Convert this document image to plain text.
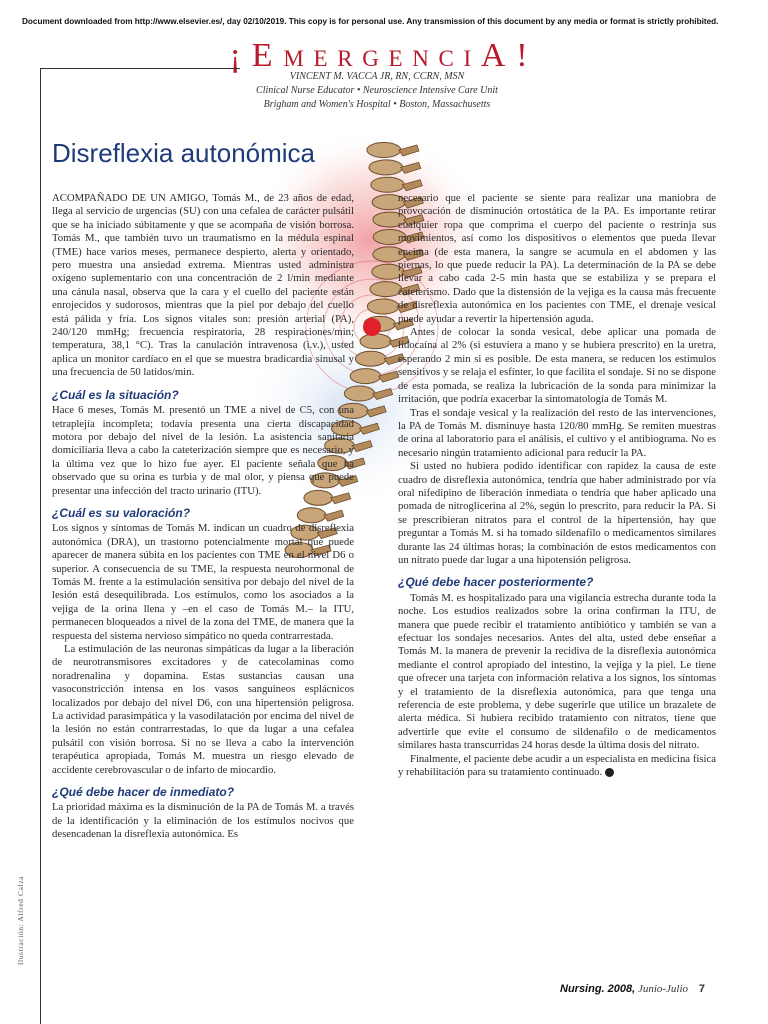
Document downloaded from http://www.elsevier.es/, day 02/10/2019. This copy is for personal use. Any transmission of this document by any media or format is strictly prohibited.
¡EMERGENCIA!
VINCENT M. VACCA JR, RN, CCRN, MSN
Clinical Nurse Educator • Neuroscience Intensive Care Unit
Brigham and Women's Hospital • Boston, Massachusetts
Disreflexia autonómica

ACOMPAÑADO DE UN AMIGO, Tomás M., de 23 años de edad, llega al servicio de urgencias (SU) con una cefalea de carácter pulsátil que se ha iniciado súbitamente y que se acompaña de visión borrosa. Tomás M., que también tuvo un traumatismo en la médula espinal (TME) hace varios meses, permanece despierto, alerta y orientado, pero muestra una ansiedad extrema. Mientras usted administra oxígeno suplementario con una concentración de 2 l/min mediante una cánula nasal, observa que la cara y el cuello del paciente están enrojecidos y sudorosos, mientras que la piel por debajo del cuello está pálida y fría. Los signos vitales son: presión arterial (PA), 240/120 mmHg; frecuencia respiratoria, 28 respiraciones/min; temperatura, 38,1 °C). Tras la canulación intravenosa (i.v.), usted aplica un monitor cardíaco en el que se muestra bradicardia sinusal y una frecuencia de 50 latidos/min.

¿Cuál es la situación?

Hace 6 meses, Tomás M. presentó un TME a nivel de C5, con una tetraplejía incompleta; todavía presenta una cierta discapacidad motora por debajo del nivel de la lesión. La asistencia sanitaria domiciliaria lleva a cabo la cateterización siempre que es necesario, y la última vez que lo hizo fue ayer. El paciente señala que ha observado que su orina es turbia y de mal olor, y piensa que puede presentar una infección del tracto urinario (ITU).

¿Cuál es su valoración?

Los signos y síntomas de Tomás M. indican un cuadro de disreflexia autonómica (DRA), un trastorno potencialmente mortal que puede aparecer de manera súbita en los pacientes con TME en el nivel D6 o superior. A consecuencia de su TME, la respuesta neurohormonal de Tomás M. frente a la estimulación sensitiva por debajo del nivel de la lesión está desequilibrada. Los estímulos, como los asociados a la vejiga de la orina llena y –en el caso de Tomás M.– la ITU, permanecen bloqueados a nivel de la zona del TME, de manera que la respuesta del sistema nervioso simpático no queda contrarrestada.

La estimulación de las neuronas simpáticas da lugar a la liberación de neurotransmisores excitadores y de catecolaminas como noradrenalina y dopamina. Estas sustancias causan una vasoconstricción intensa en los vasos sanguíneos esplácnicos localizados por debajo del nivel D6, con una hipertensión peligrosa. La actividad parasimpática y la vasodilatación por encima del nivel de la lesión no están contrarrestadas, lo que da lugar a una cefalea pulsátil con visión borrosa. Si no se lleva a cabo la intervención terapéutica apropiada, Tomás M. muestra un riesgo elevado de accidente cerebrovascular o de infarto de miocardio.

¿Qué debe hacer de inmediato?

La prioridad máxima es la disminución de la PA de Tomás M. a través de la identificación y la eliminación de los estímulos nocivos que desencadenan la disreflexia autonómica. Es

necesario que el paciente se siente para realizar una maniobra de provocación de disminución ortostática de la PA. Es importante retirar cualquier ropa que comprima el cuerpo del paciente o restrinja sus movimientos, así como los dispositivos o elementos que pueda llevar encima (de esta manera, la sangre se acumula en el abdomen y las piernas, lo que puede reducir la PA). La determinación de la PA se debe llevar a cabo cada 2-5 min hasta que se estabiliza y se prepara el cateterismo. Dado que la distensión de la vejiga es la causa más frecuente de disreflexia autonómica en los pacientes con TME, el drenaje vesical puede ayudar a revertir la hipertensión aguda.

Antes de colocar la sonda vesical, debe aplicar una pomada de lidocaína al 2% (si estuviera a mano y se hubiera prescrito) en la uretra, esperando 2 min si es posible. De esta manera, se reducen los estímulos sensitivos y se relaja el esfínter, lo que facilita el sondaje. Si no se dispone de esta pomada, se realiza la lubricación de la sonda para minimizar la irritación, que podría exacerbar la sintomatología de Tomás M.

Tras el sondaje vesical y la realización del resto de las intervenciones, la PA de Tomás M. disminuye hasta 120/80 mmHg. Se remiten muestras de orina al laboratorio para el análisis, el cultivo y el antibiograma. No es necesario ningún tratamiento adicional para reducir la PA.

Si usted no hubiera podido identificar con rapidez la causa de este cuadro de disreflexia autonómica, tendría que haber administrado por vía oral nifedipino de liberación inmediata o tendría que haber aplicado una pomada de nitroglicerina al 2%, según lo prescrito, para reducir la PA. Si se prescribieran nitratos para el control de la hipertensión, hay que preguntar a Tomás M. si ha tomado sildenafilo o medicamentos similares durante las 24 últimas horas; la combinación de estos medicamentos con un nitrato puede dar lugar a una hipotensión peligrosa.

¿Qué debe hacer posteriormente?

Tomás M. es hospitalizado para una vigilancia estrecha durante toda la noche. Los estudios realizados sobre la orina confirman la ITU, de manera que puede recibir el tratamiento antibiótico y también se van a efectuar los sondajes necesarios. Antes del alta, usted debe enseñar a Tomás M. la manera de prevenir la recidiva de la disreflexia autonómica mediante el control apropiado del intestino, la vejiga y la piel. Le tiene que ofrecer una tarjeta con información relativa a los signos, los síntomas y el tratamiento de la disreflexia autonómica, para que tenga una referencia de este problema, y debe sugerirle que utilice un brazalete de alerta médica. Si hubiera recibido tratamiento con nitratos, tiene que advertirle que evite el consumo de sildenafilo o de medicamentos similares hasta transcurridas 24 horas desde la última dosis del nitrato.

Finalmente, el paciente debe acudir a un especialista en medicina física y rehabilitación para su tratamiento continuado. N

Ilustración: Alfred Calza
Nursing. 2008, Junio-Julio 7
